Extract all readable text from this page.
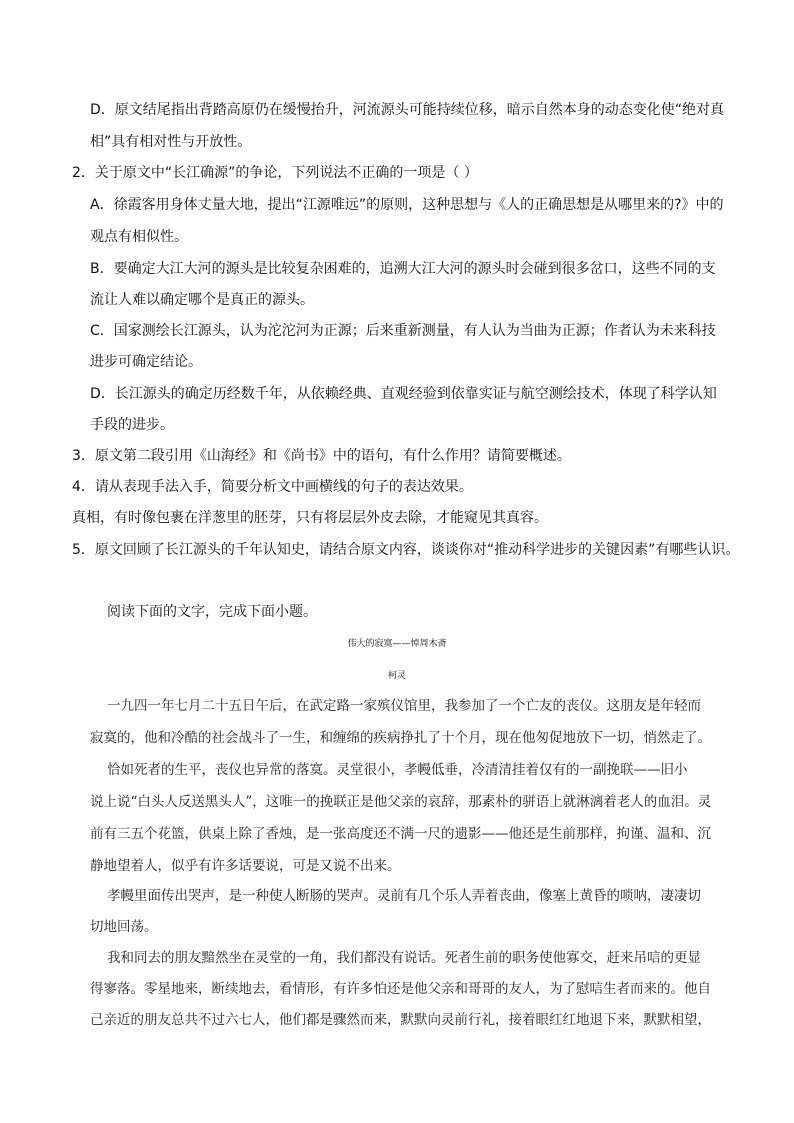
D．原文结尾指出背踏高原仍在缓慢抬升，河流源头可能持续位移，暗示自然本身的动态变化使“绝对真
相”具有相对性与开放性。
2．关于原文中“长江确源”的争论，下列说法不正确的一项是（ ）
A．徐霞客用身体丈量大地，提出“江源唯远”的原则，这种思想与《人的正确思想是从哪里来的?》中的
观点有相似性。
B．要确定大江大河的源头是比较复杂困难的，追溯大江大河的源头时会碰到很多岔口，这些不同的支
流让人难以确定哪个是真正的源头。
C．国家测绘长江源头，认为沱沱河为正源；后来重新测量，有人认为当曲为正源；作者认为未来科技
进步可确定结论。
D．长江源头的确定历经数千年，从依赖经典、直观经验到依靠实证与航空测绘技术，体现了科学认知
手段的进步。
3．原文第二段引用《山海经》和《尚书》中的语句，有什么作用？请简要概述。
4．请从表现手法入手，简要分析文中画横线的句子的表达效果。
真相，有时像包裹在洋葱里的胚芽，只有将层层外皮去除，才能窥见其真容。
5．原文回顾了长江源头的千年认知史，请结合原文内容，谈谈你对“推动科学进步的关键因素”有哪些认识。
阅读下面的文字，完成下面小题。
伟大的寂寞——悼周木斋
柯灵
一九四一年七月二十五日午后，在武定路一家殡仪馆里，我参加了一个亡友的丧仪。这朋友是年轻而
寂寞的，他和冷酷的社会战斗了一生，和缠绵的疾病挣扎了十个月，现在他匆促地放下一切，悄然走了。
恰如死者的生平，丧仪也异常的落寞。灵堂很小，孝幔低垂，冷清清挂着仅有的一副挽联——旧小
说上说“白头人反送黑头人”，这唯一的挽联正是他父亲的哀辞，那素朴的骈语上就淋漓着老人的血泪。灵
前有三五个花篮，供桌上除了香烛，是一张高度还不满一尺的遗影——他还是生前那样，拘谨、温和、沉
静地望着人，似乎有许多话要说，可是又说不出来。
孝幔里面传出哭声，是一种使人断肠的哭声。灵前有几个乐人弄着丧曲，像塞上黄昏的唢呐，凄凄切
切地回荡。
我和同去的朋友黯然坐在灵堂的一角，我们都没有说话。死者生前的职务使他寡交，赶来吊唁的更显
得寥落。零星地来，断续地去，看情形，有许多怕还是他父亲和哥哥的友人，为了慰唁生者而来的。他自
己亲近的朋友总共不过六七人，他们都是骤然而来，默默向灵前行礼，接着眼红红地退下来，默默相望，
